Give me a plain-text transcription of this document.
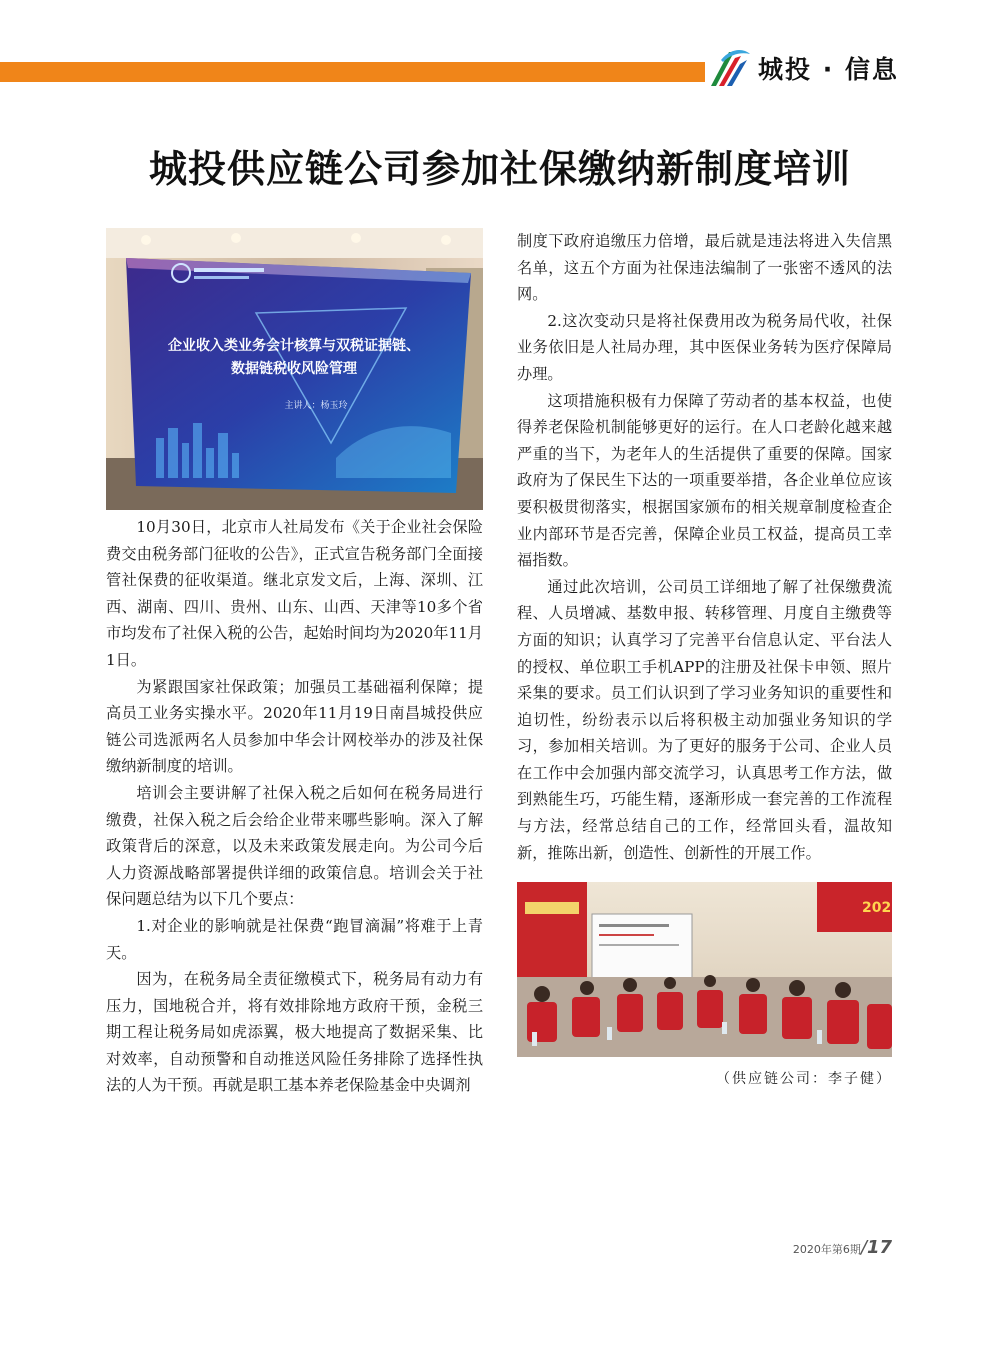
城投 · 信息
城投供应链公司参加社保缴纳新制度培训
企业收入类业务会计核算与双税证据链、
数据链税收风险管理
主讲人：杨玉玲

10月30日，北京市人社局发布《关于企业社会保险费交由税务部门征收的公告》，正式宣告税务部门全面接管社保费的征收渠道。继北京发文后，上海、深圳、江西、湖南、四川、贵州、山东、山西、天津等10多个省市均发布了社保入税的公告，起始时间均为2020年11月1日。

为紧跟国家社保政策；加强员工基础福利保障；提高员工业务实操水平。2020年11月19日南昌城投供应链公司选派两名人员参加中华会计网校举办的涉及社保缴纳新制度的培训。

培训会主要讲解了社保入税之后如何在税务局进行缴费，社保入税之后会给企业带来哪些影响。深入了解政策背后的深意，以及未来政策发展走向。为公司今后人力资源战略部署提供详细的政策信息。培训会关于社保问题总结为以下几个要点：

1.对企业的影响就是社保费“跑冒滴漏”将难于上青天。

因为，在税务局全责征缴模式下，税务局有动力有压力，国地税合并，将有效排除地方政府干预，金税三期工程让税务局如虎添翼，极大地提高了数据采集、比对效率，自动预警和自动推送风险任务排除了选择性执法的人为干预。再就是职工基本养老保险基金中央调剂

制度下政府追缴压力倍增，最后就是违法将进入失信黑名单，这五个方面为社保违法编制了一张密不透风的法网。

2.这次变动只是将社保费用改为税务局代收，社保业务依旧是人社局办理，其中医保业务转为医疗保障局办理。

这项措施积极有力保障了劳动者的基本权益，也使得养老保险机制能够更好的运行。在人口老龄化越来越严重的当下，为老年人的生活提供了重要的保障。国家政府为了保民生下达的一项重要举措，各企业单位应该要积极贯彻落实，根据国家颁布的相关规章制度检查企业内部环节是否完善，保障企业员工权益，提高员工幸福指数。

通过此次培训，公司员工详细地了解了社保缴费流程、人员增减、基数申报、转移管理、月度自主缴费等方面的知识；认真学习了完善平台信息认定、平台法人的授权、单位职工手机APP的注册及社保卡申领、照片采集的要求。员工们认识到了学习业务知识的重要性和迫切性，纷纷表示以后将积极主动加强业务知识的学习，参加相关培训。为了更好的服务于公司、企业人员在工作中会加强内部交流学习，认真思考工作方法，做到熟能生巧，巧能生精，逐渐形成一套完善的工作流程与方法，经常总结自己的工作，经常回头看，温故知新，推陈出新，创造性、创新性的开展工作。

202
（供应链公司：李子健）
2020年第6期/17
